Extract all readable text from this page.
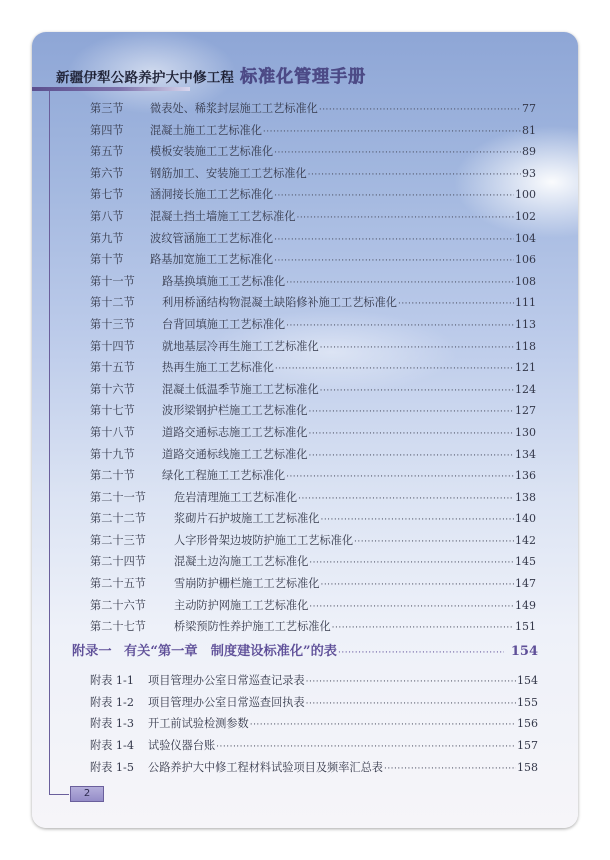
新疆伊犁公路养护大中修工程 标准化管理手册
第三节	微表处、稀浆封层施工工艺标准化 ·····	77
第四节	混凝土施工工艺标准化 ·····	81
第五节	模板安装施工工艺标准化 ·····	89
第六节	钢筋加工、安装施工工艺标准化 ·····	93
第七节	涵洞接长施工工艺标准化 ·····	100
第八节	混凝土挡土墙施工工艺标准化 ·····	102
第九节	波纹管涵施工工艺标准化 ·····	104
第十节	路基加宽施工工艺标准化 ·····	106
第十一节	路基换填施工工艺标准化 ·····	108
第十二节	利用桥涵结构物混凝土缺陷修补施工工艺标准化 ·····	111
第十三节	台背回填施工工艺标准化 ·····	113
第十四节	就地基层冷再生施工工艺标准化 ·····	118
第十五节	热再生施工工艺标准化 ·····	121
第十六节	混凝土低温季节施工工艺标准化 ·····	124
第十七节	波形梁钢护栏施工工艺标准化 ·····	127
第十八节	道路交通标志施工工艺标准化 ·····	130
第十九节	道路交通标线施工工艺标准化 ·····	134
第二十节	绿化工程施工工艺标准化 ·····	136
第二十一节	危岩清理施工工艺标准化 ·····	138
第二十二节	浆砌片石护坡施工工艺标准化 ·····	140
第二十三节	人字形骨架边坡防护施工工艺标准化 ·····	142
第二十四节	混凝土边沟施工工艺标准化 ·····	145
第二十五节	雪崩防护栅栏施工工艺标准化 ·····	147
第二十六节	主动防护网施工工艺标准化 ·····	149
第二十七节	桥梁预防性养护施工工艺标准化 ·····	151
附录一 有关“第一章　制度建设标准化”的表 ·····	154
附表 1-1	项目管理办公室日常巡查记录表 ·····	154
附表 1-2	项目管理办公室日常巡查回执表 ·····	155
附表 1-3	开工前试验检测参数 ·····	156
附表 1-4	试验仪器台账 ·····	157
附表 1-5	公路养护大中修工程材料试验项目及频率汇总表 ·····	158
2
